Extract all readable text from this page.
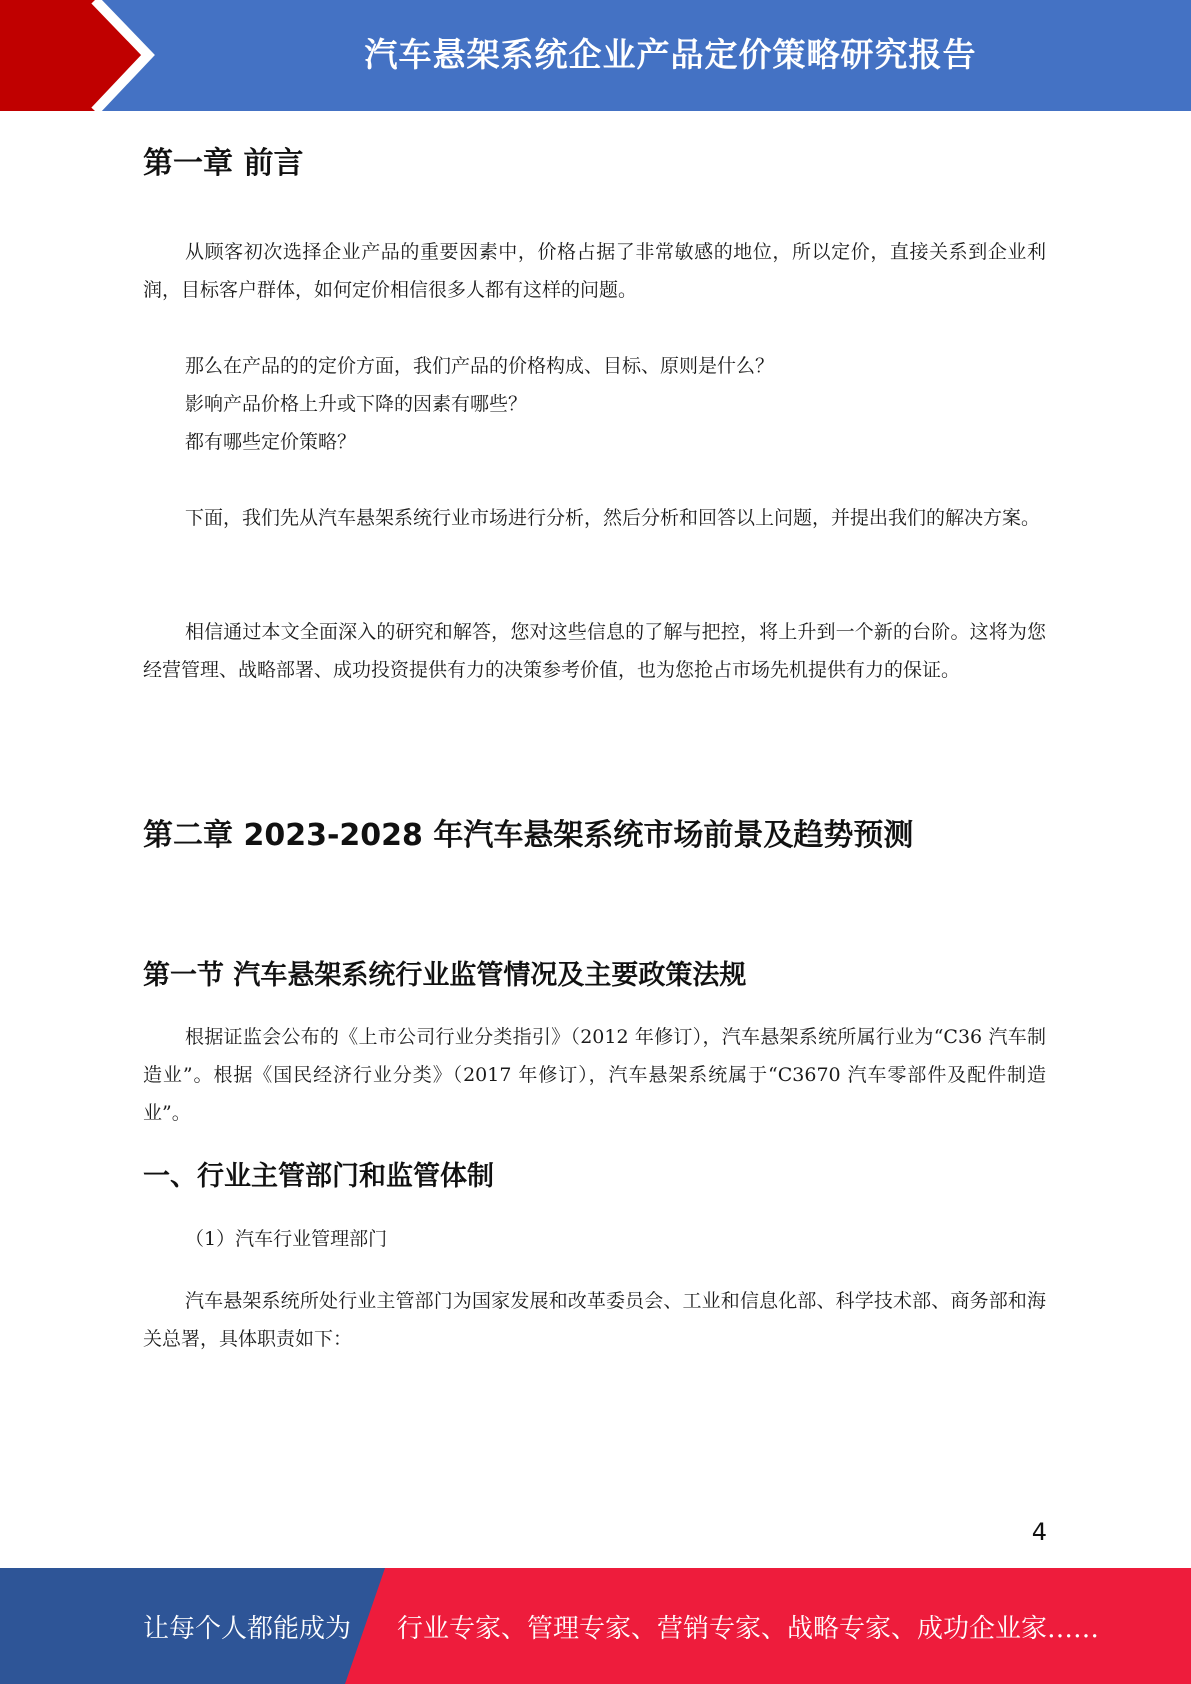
汽车悬架系统企业产品定价策略研究报告
第一章 前言

从顾客初次选择企业产品的重要因素中，价格占据了非常敏感的地位，所以定价，直接关系到企业利润，目标客户群体，如何定价相信很多人都有这样的问题。

那么在产品的的定价方面，我们产品的价格构成、目标、原则是什么？

影响产品价格上升或下降的因素有哪些？

都有哪些定价策略？

下面，我们先从汽车悬架系统行业市场进行分析，然后分析和回答以上问题，并提出我们的解决方案。

相信通过本文全面深入的研究和解答，您对这些信息的了解与把控，将上升到一个新的台阶。这将为您经营管理、战略部署、成功投资提供有力的决策参考价值，也为您抢占市场先机提供有力的保证。

第二章 2023-2028 年汽车悬架系统市场前景及趋势预测
第一节 汽车悬架系统行业监管情况及主要政策法规

根据证监会公布的《上市公司行业分类指引》（2012 年修订），汽车悬架系统所属行业为“C36 汽车制造业”。根据《国民经济行业分类》（2017 年修订），汽车悬架系统属于“C3670 汽车零部件及配件制造业”。

一、行业主管部门和监管体制

（1）汽车行业管理部门

汽车悬架系统所处行业主管部门为国家发展和改革委员会、工业和信息化部、科学技术部、商务部和海关总署，具体职责如下：

4
让每个人都能成为 行业专家、管理专家、营销专家、战略专家、成功企业家……
